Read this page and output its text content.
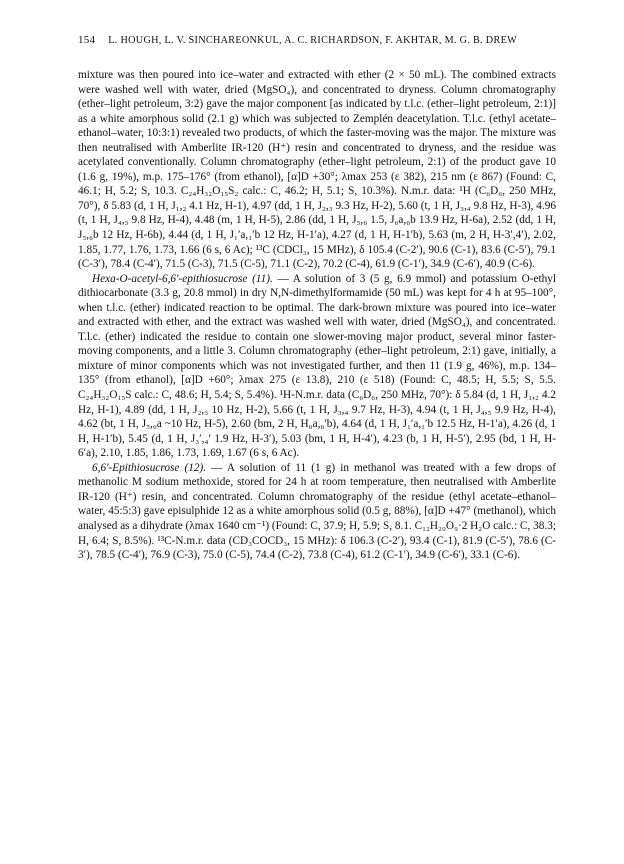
154 L. HOUGH, L. V. SINCHAREONKUL, A. C. RICHARDSON, F. AKHTAR, M. G. B. DREW

mixture was then poured into ice–water and extracted with ether (2 × 50 mL). The combined extracts were washed well with water, dried (MgSO₄), and concentrated to dryness. Column chromatography (ether–light petroleum, 3:2) gave the major component [as indicated by t.l.c. (ether–light petroleum, 2:1)] as a white amorphous solid (2.1 g) which was subjected to Zemplén deacetylation. T.l.c. (ethyl acetate–ethanol–water, 10:3:1) revealed two products, of which the faster-moving was the major. The mixture was then neutralised with Amberlite IR-120 (H⁺) resin and concentrated to dryness, and the residue was acetylated conventionally. Column chromatography (ether–light petroleum, 2:1) of the product gave 10 (1.6 g, 19%), m.p. 175–176° (from ethanol), [α]D +30°; λmax 253 (ε 382), 215 nm (ε 867) (Found: C, 46.1; H, 5.2; S, 10.3. C₂₄H₃₂O₁₅S₂ calc.: C, 46.2; H, 5.1; S, 10.3%). N.m.r. data: ¹H (C₆D₆, 250 MHz, 70°), δ 5.83 (d, 1 H, J₁,₂ 4.1 Hz, H-1), 4.97 (dd, 1 H, J₂,₃ 9.3 Hz, H-2), 5.60 (t, 1 H, J₃,₄ 9.8 Hz, H-3), 4.96 (t, 1 H, J₄,₅ 9.8 Hz, H-4), 4.48 (m, 1 H, H-5), 2.86 (dd, 1 H, J₅,₆ 1.5, J₆a,₆b 13.9 Hz, H-6a), 2.52 (dd, 1 H, J₅,₆b 12 Hz, H-6b), 4.44 (d, 1 H, J₁′a,₁′b 12 Hz, H-1′a), 4.27 (d, 1 H, H-1′b), 5.63 (m, 2 H, H-3′,4′), 2.02, 1.85, 1.77, 1.76, 1.73, 1.66 (6 s, 6 Ac); ¹³C (CDCl₃, 15 MHz), δ 105.4 (C-2′), 90.6 (C-1), 83.6 (C-5′), 79.1 (C-3′), 78.4 (C-4′), 71.5 (C-3), 71.5 (C-5), 71.1 (C-2), 70.2 (C-4), 61.9 (C-1′), 34.9 (C-6′), 40.9 (C-6).

Hexa-O-acetyl-6,6′-epithiosucrose (11). — A solution of 3 (5 g, 6.9 mmol) and potassium O-ethyl dithiocarbonate (3.3 g, 20.8 mmol) in dry N,N-dimethylformamide (50 mL) was kept for 4 h at 95–100°, when t.l.c. (ether) indicated reaction to be optimal. The dark-brown mixture was poured into ice–water and extracted with ether, and the extract was washed well with water, dried (MgSO₄), and concentrated. T.l.c. (ether) indicated the residue to contain one slower-moving major product, several minor faster-moving components, and a little 3. Column chromatography (ether–light petroleum, 2:1) gave, initially, a mixture of minor components which was not investigated further, and then 11 (1.9 g, 46%), m.p. 134–135° (from ethanol), [α]D +60°; λmax 275 (ε 13.8), 210 (ε 518) (Found: C, 48.5; H, 5.5; S, 5.5. C₂₄H₃₂O₁₅S calc.: C, 48.6; H, 5.4; S, 5.4%). ¹H-N.m.r. data (C₆D₆, 250 MHz, 70°): δ 5.84 (d, 1 H, J₁,₂ 4.2 Hz, H-1), 4.89 (dd, 1 H, J₂,₃ 10 Hz, H-2), 5.66 (t, 1 H, J₃,₄ 9.7 Hz, H-3), 4.94 (t, 1 H, J₄,₅ 9.9 Hz, H-4), 4.62 (bt, 1 H, J₅,₆a ~10 Hz, H-5), 2.60 (bm, 2 H, H₆a,₆′b), 4.64 (d, 1 H, J₁′a,₁′b 12.5 Hz, H-1′a), 4.26 (d, 1 H, H-1′b), 5.45 (d, 1 H, J₃′,₄′ 1.9 Hz, H-3′), 5.03 (bm, 1 H, H-4′), 4.23 (b, 1 H, H-5′), 2.95 (bd, 1 H, H-6′a), 2.10, 1.85, 1.86, 1.73, 1.69, 1.67 (6 s, 6 Ac).

6,6′-Epithiosucrose (12). — A solution of 11 (1 g) in methanol was treated with a few drops of methanolic M sodium methoxide, stored for 24 h at room temperature, then neutralised with Amberlite IR-120 (H⁺) resin, and concentrated. Column chromatography of the residue (ethyl acetate–ethanol–water, 45:5:3) gave episulphide 12 as a white amorphous solid (0.5 g, 88%), [α]D +47° (methanol), which analysed as a dihydrate (λmax 1640 cm⁻¹) (Found: C, 37.9; H, 5.9; S, 8.1. C₁₂H₂₀O₉·2 H₂O calc.: C, 38.3; H, 6.4; S, 8.5%). ¹³C-N.m.r. data (CD₃COCD₃, 15 MHz): δ 106.3 (C-2′), 93.4 (C-1), 81.9 (C-5′), 78.6 (C-3′), 78.5 (C-4′), 76.9 (C-3), 75.0 (C-5), 74.4 (C-2), 73.8 (C-4), 61.2 (C-1′), 34.9 (C-6′), 33.1 (C-6).
